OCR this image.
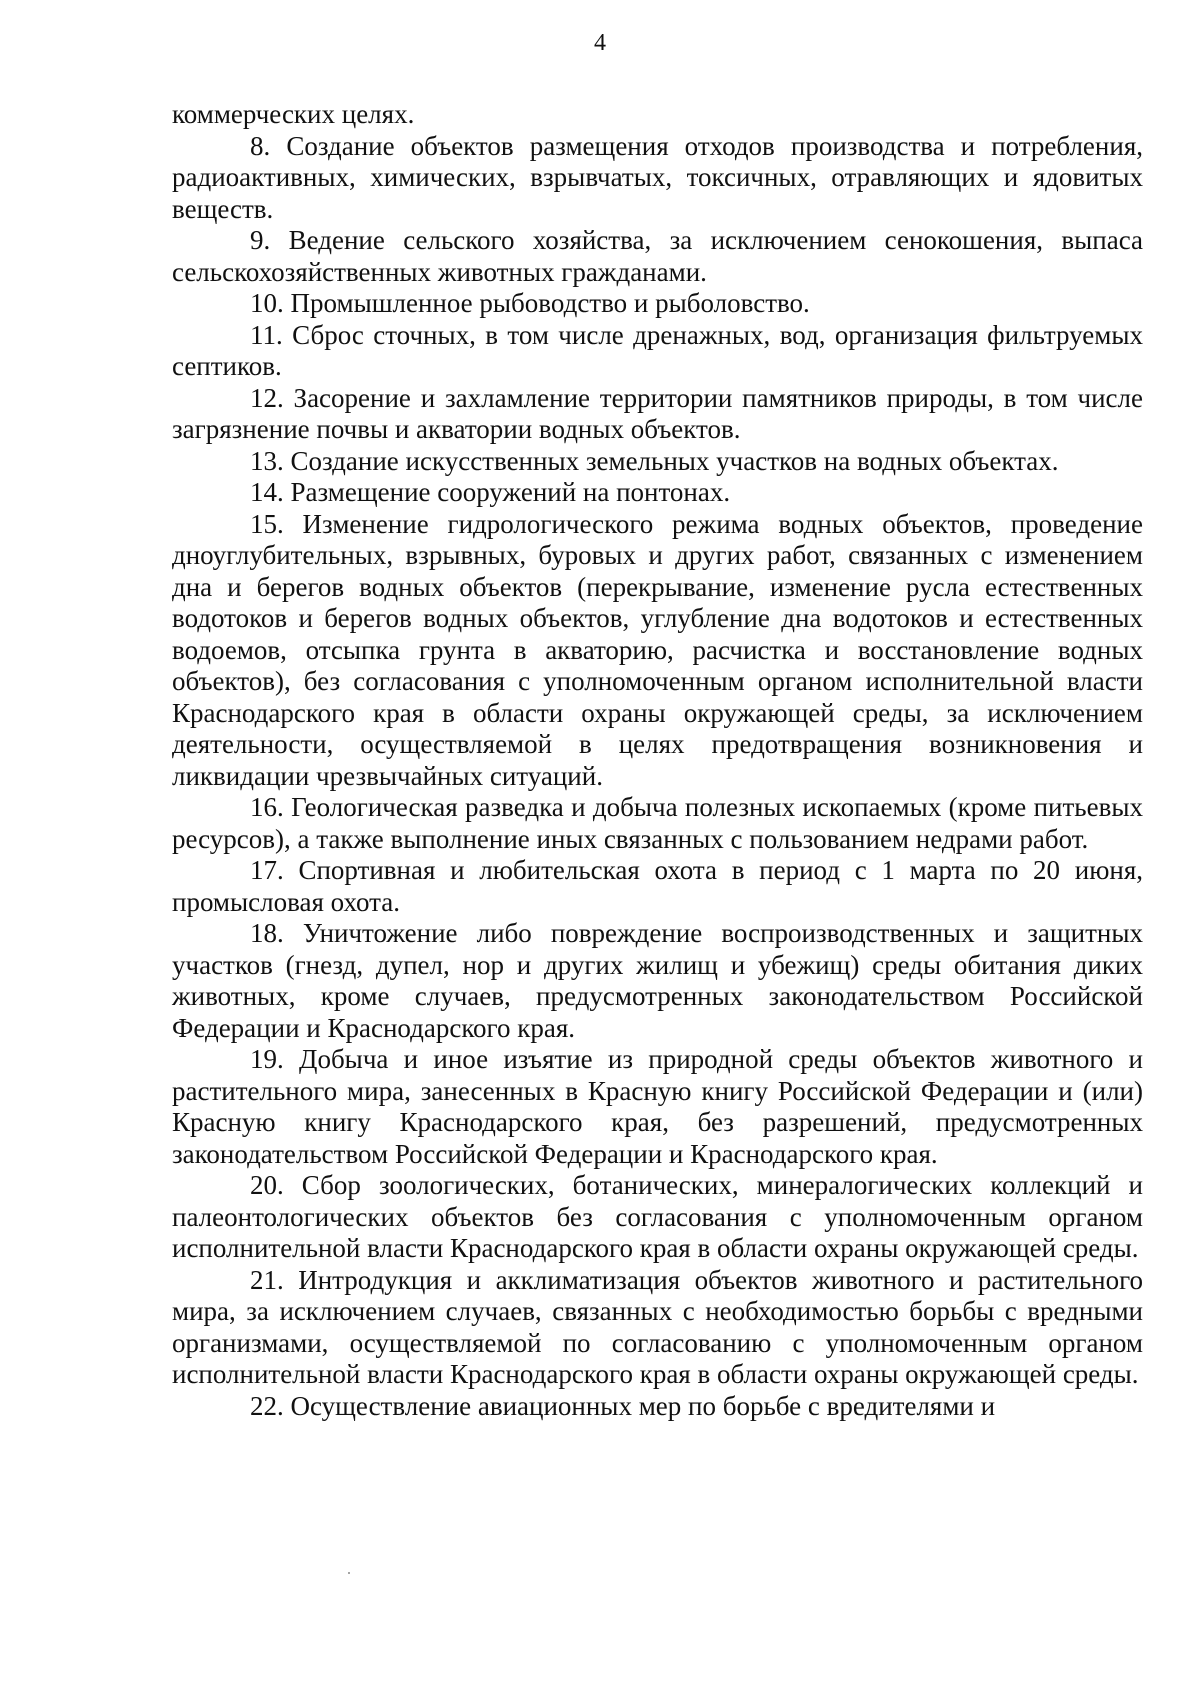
4

коммерческих целях.

8. Создание объектов размещения отходов производства и потребления, радиоактивных, химических, взрывчатых, токсичных, отравляющих и ядовитых веществ.

9. Ведение сельского хозяйства, за исключением сенокошения, выпаса сельскохозяйственных животных гражданами.

10. Промышленное рыбоводство и рыболовство.

11. Сброс сточных, в том числе дренажных, вод, организация фильтруемых септиков.

12. Засорение и захламление территории памятников природы, в том числе загрязнение почвы и акватории водных объектов.

13. Создание искусственных земельных участков на водных объектах.

14. Размещение сооружений на понтонах.

15. Изменение гидрологического режима водных объектов, проведение дноуглубительных, взрывных, буровых и других работ, связанных с изменением дна и берегов водных объектов (перекрывание, изменение русла естественных водотоков и берегов водных объектов, углубление дна водотоков и естественных водоемов, отсыпка грунта в акваторию, расчистка и восстановление водных объектов), без согласования с уполномоченным органом исполнительной власти Краснодарского края в области охраны окружающей среды, за исключением деятельности, осуществляемой в целях предотвращения возникновения и ликвидации чрезвычайных ситуаций.

16. Геологическая разведка и добыча полезных ископаемых (кроме питьевых ресурсов), а также выполнение иных связанных с пользованием недрами работ.

17. Спортивная и любительская охота в период с 1 марта по 20 июня, промысловая охота.

18. Уничтожение либо повреждение воспроизводственных и защитных участков (гнезд, дупел, нор и других жилищ и убежищ) среды обитания диких животных, кроме случаев, предусмотренных законодательством Российской Федерации и Краснодарского края.

19. Добыча и иное изъятие из природной среды объектов животного и растительного мира, занесенных в Красную книгу Российской Федерации и (или) Красную книгу Краснодарского края, без разрешений, предусмотренных законодательством Российской Федерации и Краснодарского края.

20. Сбор зоологических, ботанических, минералогических коллекций и палеонтологических объектов без согласования с уполномоченным органом исполнительной власти Краснодарского края в области охраны окружающей среды.

21. Интродукция и акклиматизация объектов животного и растительного мира, за исключением случаев, связанных с необходимостью борьбы с вредными организмами, осуществляемой по согласованию с уполномоченным органом исполнительной власти Краснодарского края в области охраны окружающей среды.

22. Осуществление авиационных мер по борьбе с вредителями и
